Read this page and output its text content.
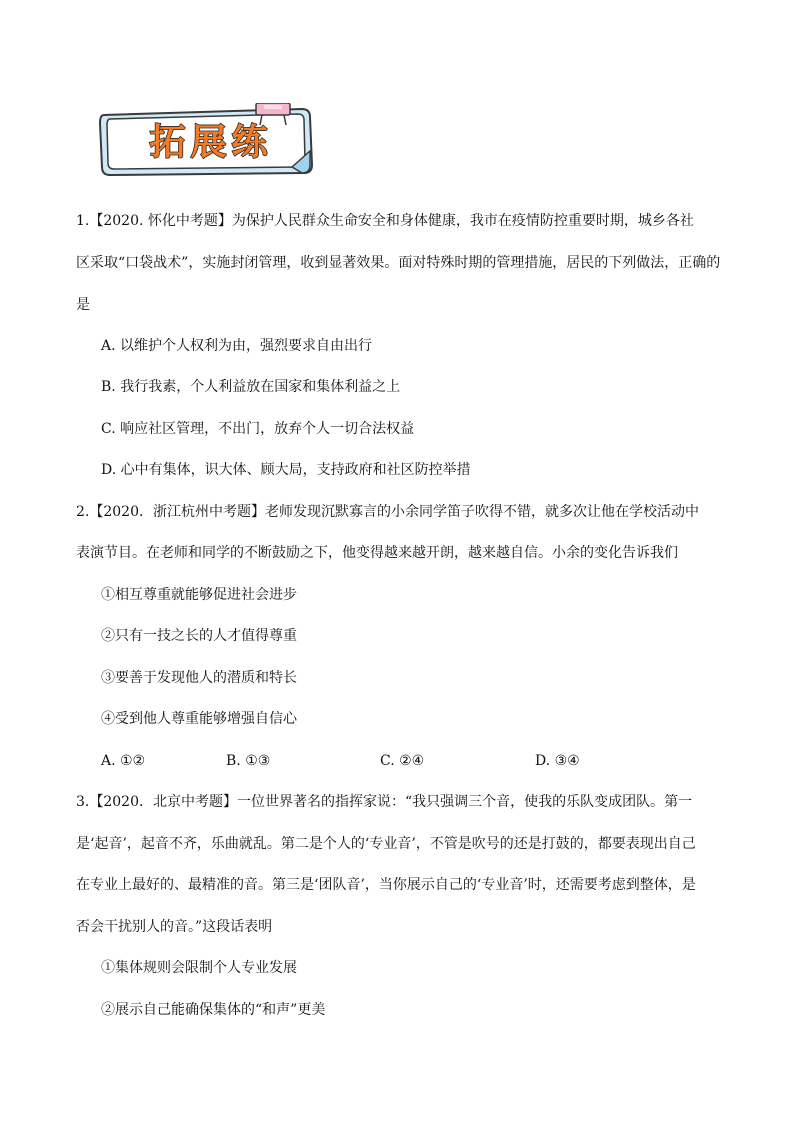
拓展练
1.【2020. 怀化中考题】为保护人民群众生命安全和身体健康，我市在疫情防控重要时期，城乡各社
区采取“口袋战术”，实施封闭管理，收到显著效果。面对特殊时期的管理措施，居民的下列做法，正确的
是
A. 以维护个人权利为由，强烈要求自由出行
B. 我行我素，个人利益放在国家和集体利益之上
C. 响应社区管理，不出门，放弃个人一切合法权益
D. 心中有集体，识大体、顾大局，支持政府和社区防控举措
2.【2020．浙江杭州中考题】老师发现沉默寡言的小余同学笛子吹得不错，就多次让他在学校活动中
表演节目。在老师和同学的不断鼓励之下，他变得越来越开朗，越来越自信。小余的变化告诉我们
①相互尊重就能够促进社会进步
②只有一技之长的人才值得尊重
③要善于发现他人的潜质和特长
④受到他人尊重能够增强自信心
A. ①②	B. ①③	C. ②④	D. ③④
3.【2020．北京中考题】一位世界著名的指挥家说：“我只强调三个音，使我的乐队变成团队。第一
是‘起音’，起音不齐，乐曲就乱。第二是个人的‘专业音’，不管是吹号的还是打鼓的，都要表现出自己
在专业上最好的、最精准的音。第三是‘团队音’，当你展示自己的‘专业音’时，还需要考虑到整体，是
否会干扰别人的音。”这段话表明
①集体规则会限制个人专业发展
②展示自己能确保集体的“和声”更美
